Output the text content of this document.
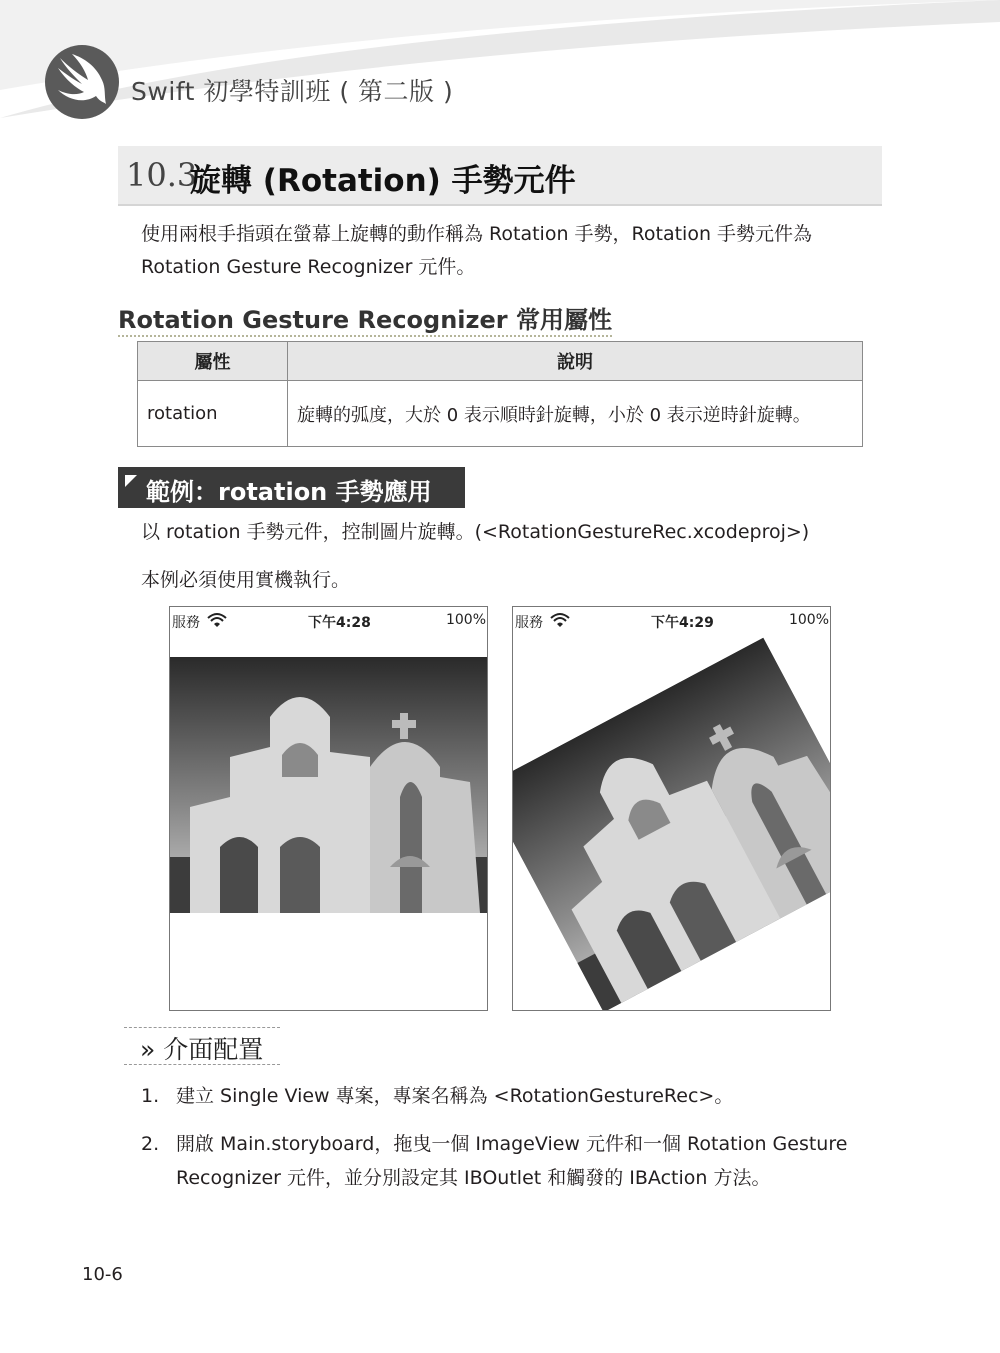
Swift 初學特訓班 ( 第二版 )
10.3
旋轉 (Rotation) 手勢元件
使用兩根手指頭在螢幕上旋轉的動作稱為 Rotation 手勢，Rotation 手勢元件為
Rotation Gesture Recognizer 元件。
Rotation Gesture Recognizer 常用屬性
屬性	說明
rotation	旋轉的弧度，大於 0 表示順時針旋轉，小於 0 表示逆時針旋轉。
範例：rotation 手勢應用
以 rotation 手勢元件，控制圖片旋轉。(<RotationGestureRec.xcodeproj>)
本例必須使用實機執行。
服務	下午4:28	100% 服務	下午4:29	100%
» 介面配置
1. 建立 Single View 專案，專案名稱為 <RotationGestureRec>。
2. 開啟 Main.storyboard，拖曳一個 ImageView 元件和一個 Rotation Gesture
Recognizer 元件，並分別設定其 IBOutlet 和觸發的 IBAction 方法。
10-6
